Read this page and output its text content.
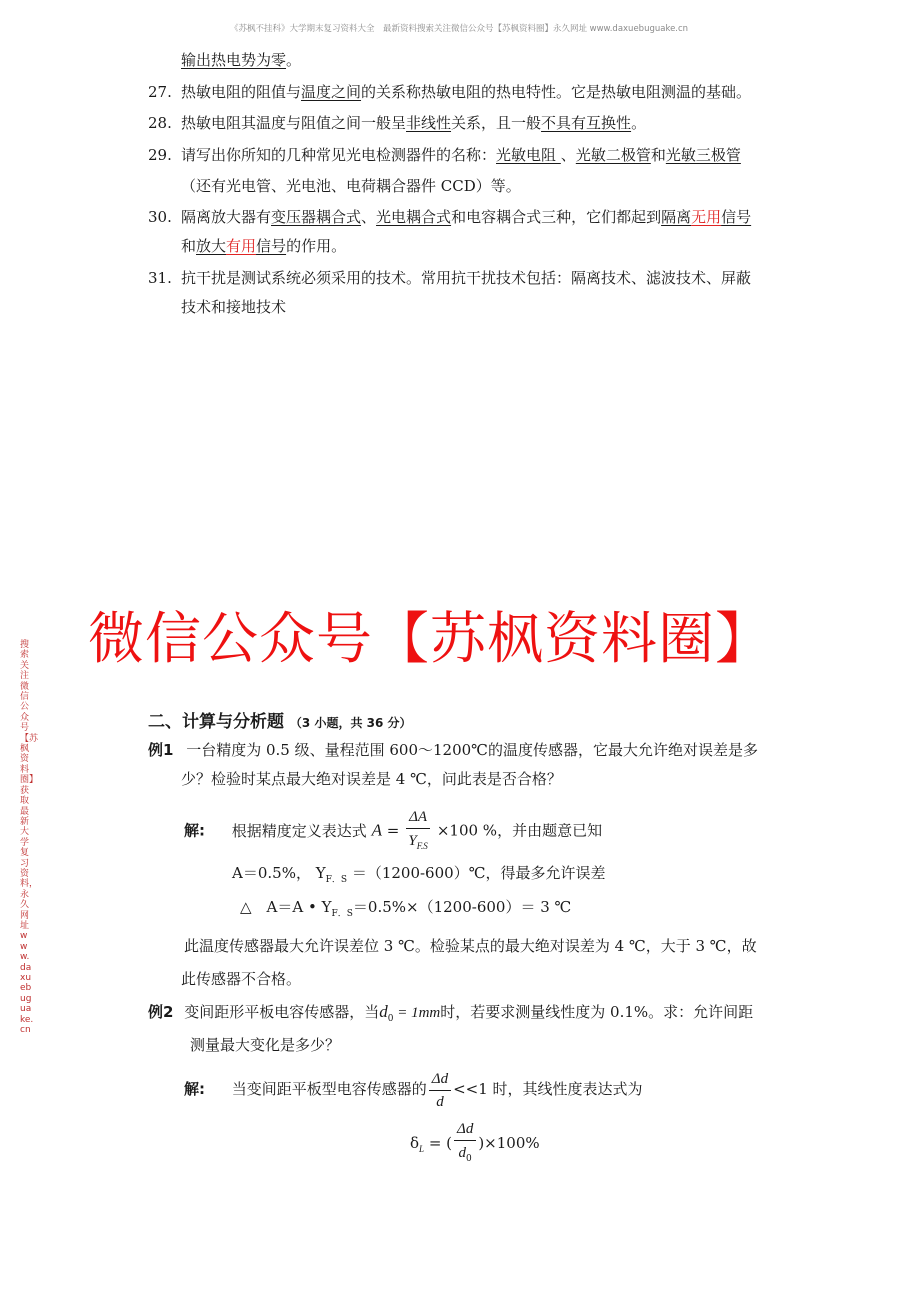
《苏枫不挂科》大学期末复习资料大全　最新资料搜索关注微信公众号【苏枫资料圈】永久网址 www.daxuebuguake.cn
搜索关注微信公众号【苏枫资料圈】获取最新大学复习资料，永久网址www.daxuebuguake.cn
输出热电势为零。
27. 热敏电阻的阻值与温度之间的关系称热敏电阻的热电特性。它是热敏电阻测温的基础。
28. 热敏电阻其温度与阻值之间一般呈非线性关系，且一般不具有互换性。
29. 请写出你所知的几种常见光电检测器件的名称：光敏电阻 、光敏二极管和光敏三极管
（还有光电管、光电池、电荷耦合器件 CCD）等。
30. 隔离放大器有变压器耦合式、光电耦合式和电容耦合式三种，它们都起到隔离无用信号
和放大有用信号的作用。
31. 抗干扰是测试系统必须采用的技术。常用抗干扰技术包括：隔离技术、滤波技术、屏蔽
技术和接地技术
微信公众号【苏枫资料圈】
二、计算与分析题 （3 小题，共 36 分）
例1 一台精度为 0.5 级、量程范围 600～1200℃的温度传感器，它最大允许绝对误差是多
少？检验时某点最大绝对误差是 4 ℃，问此表是否合格？
解: 根据精度定义表达式 $A = \frac{\Delta A}{Y_{F.S}} \times 100$ %，并由题意已知
A＝0.5%， $Y_{F.S}$ ＝（1200-600）℃，得最多允许误差
△　A＝A • $Y_{F.S}=0.5\%\times(1200-600)= 3$ ℃
此温度传感器最大允许误差位 3 ℃。检验某点的最大绝对误差为 4 ℃，大于 3 ℃，故
此传感器不合格。
例2 变间距形平板电容传感器，当$d_0 = 1mm$时，若要求测量线性度为 0.1%。求：允许间距
测量最大变化是多少？
解: 当变间距平板型电容传感器的 $\frac{\Delta d}{d} <<1$ 时，其线性度表达式为
$\delta_L$ = ( $\frac{\Delta d}{d_0} )\times 100\%$
